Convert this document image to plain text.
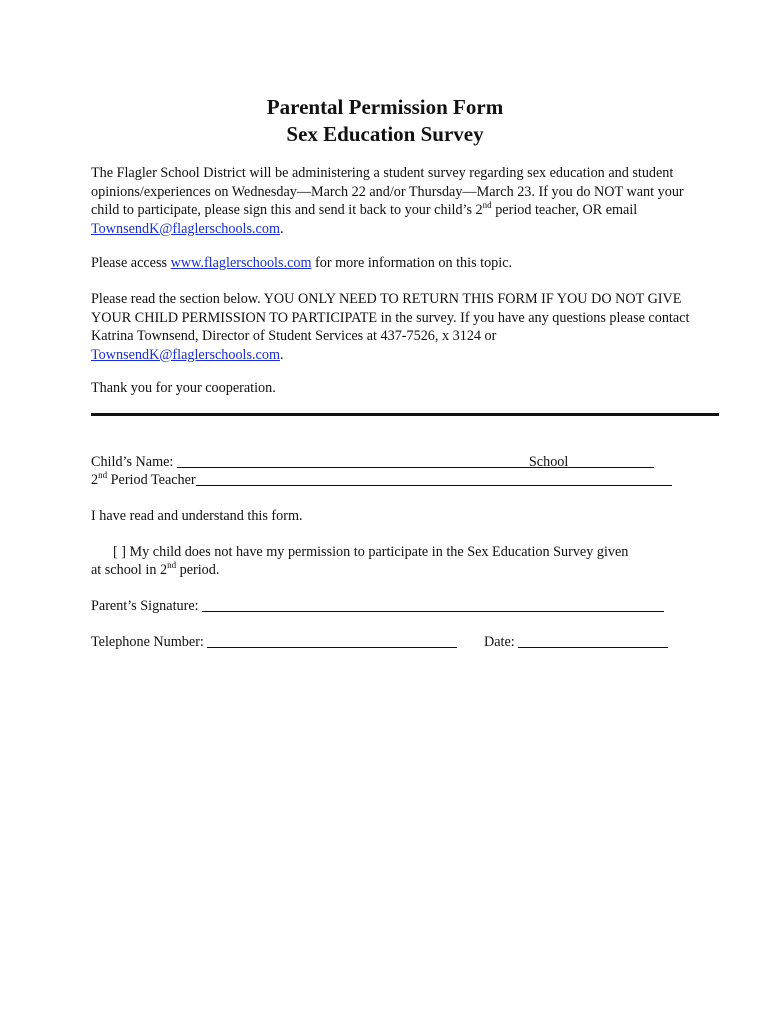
Parental Permission Form
Sex Education Survey
The Flagler School District will be administering a student survey regarding sex education and student opinions/experiences on Wednesday—March 22 and/or Thursday—March 23. If you do NOT want your child to participate, please sign this and send it back to your child’s 2nd period teacher, OR email TownsendK@flaglerschools.com.
Please access www.flaglerschools.com for more information on this topic.
Please read the section below. YOU ONLY NEED TO RETURN THIS FORM IF YOU DO NOT GIVE YOUR CHILD PERMISSION TO PARTICIPATE in the survey. If you have any questions please contact Katrina Townsend, Director of Student Services at 437-7526, x 3124 or TownsendK@flaglerschools.com.
Thank you for your cooperation.
Child’s Name:	School
2nd Period Teacher
I have read and understand this form.
[ ] My child does not have my permission to participate in the Sex Education Survey given
at school in 2nd period.
Parent’s Signature:
Telephone Number:	Date:
